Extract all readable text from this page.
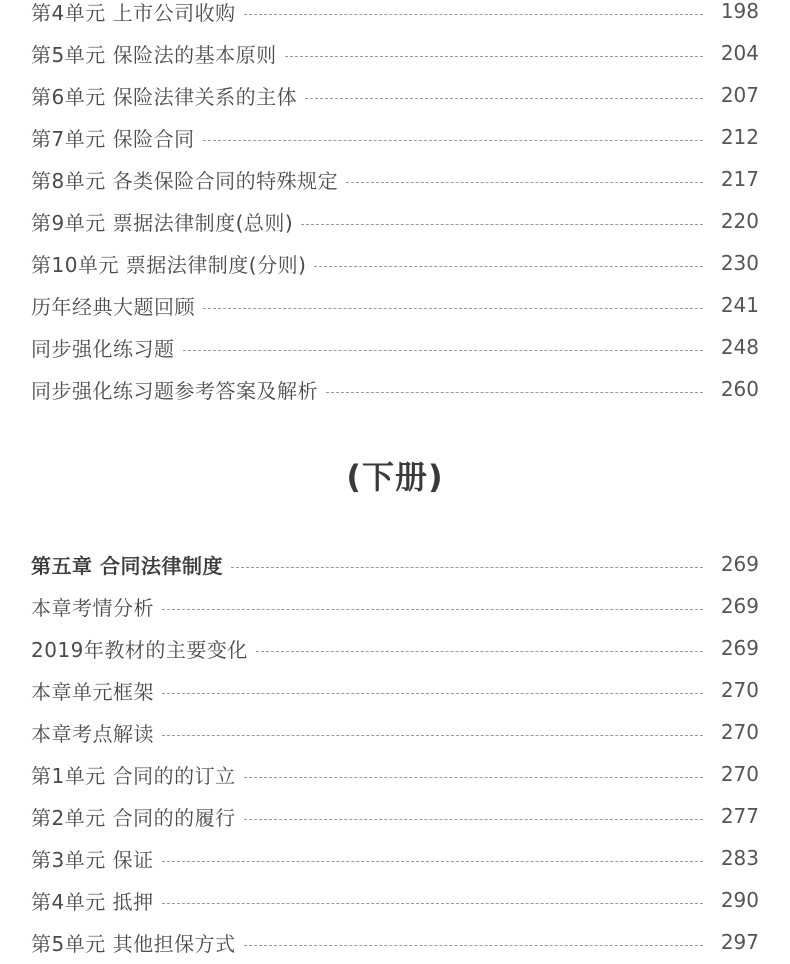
第4单元 上市公司收购	198
第5单元 保险法的基本原则	204
第6单元 保险法律关系的主体	207
第7单元 保险合同	212
第8单元 各类保险合同的特殊规定	217
第9单元 票据法律制度(总则)	220
第10单元 票据法律制度(分则)	230
历年经典大题回顾	241
同步强化练习题	248
同步强化练习题参考答案及解析	260
(下册)
第五章 合同法律制度	269
本章考情分析	269
2019年教材的主要变化	269
本章单元框架	270
本章考点解读	270
第1单元 合同的的订立	270
第2单元 合同的的履行	277
第3单元 保证	283
第4单元 抵押	290
第5单元 其他担保方式	297
